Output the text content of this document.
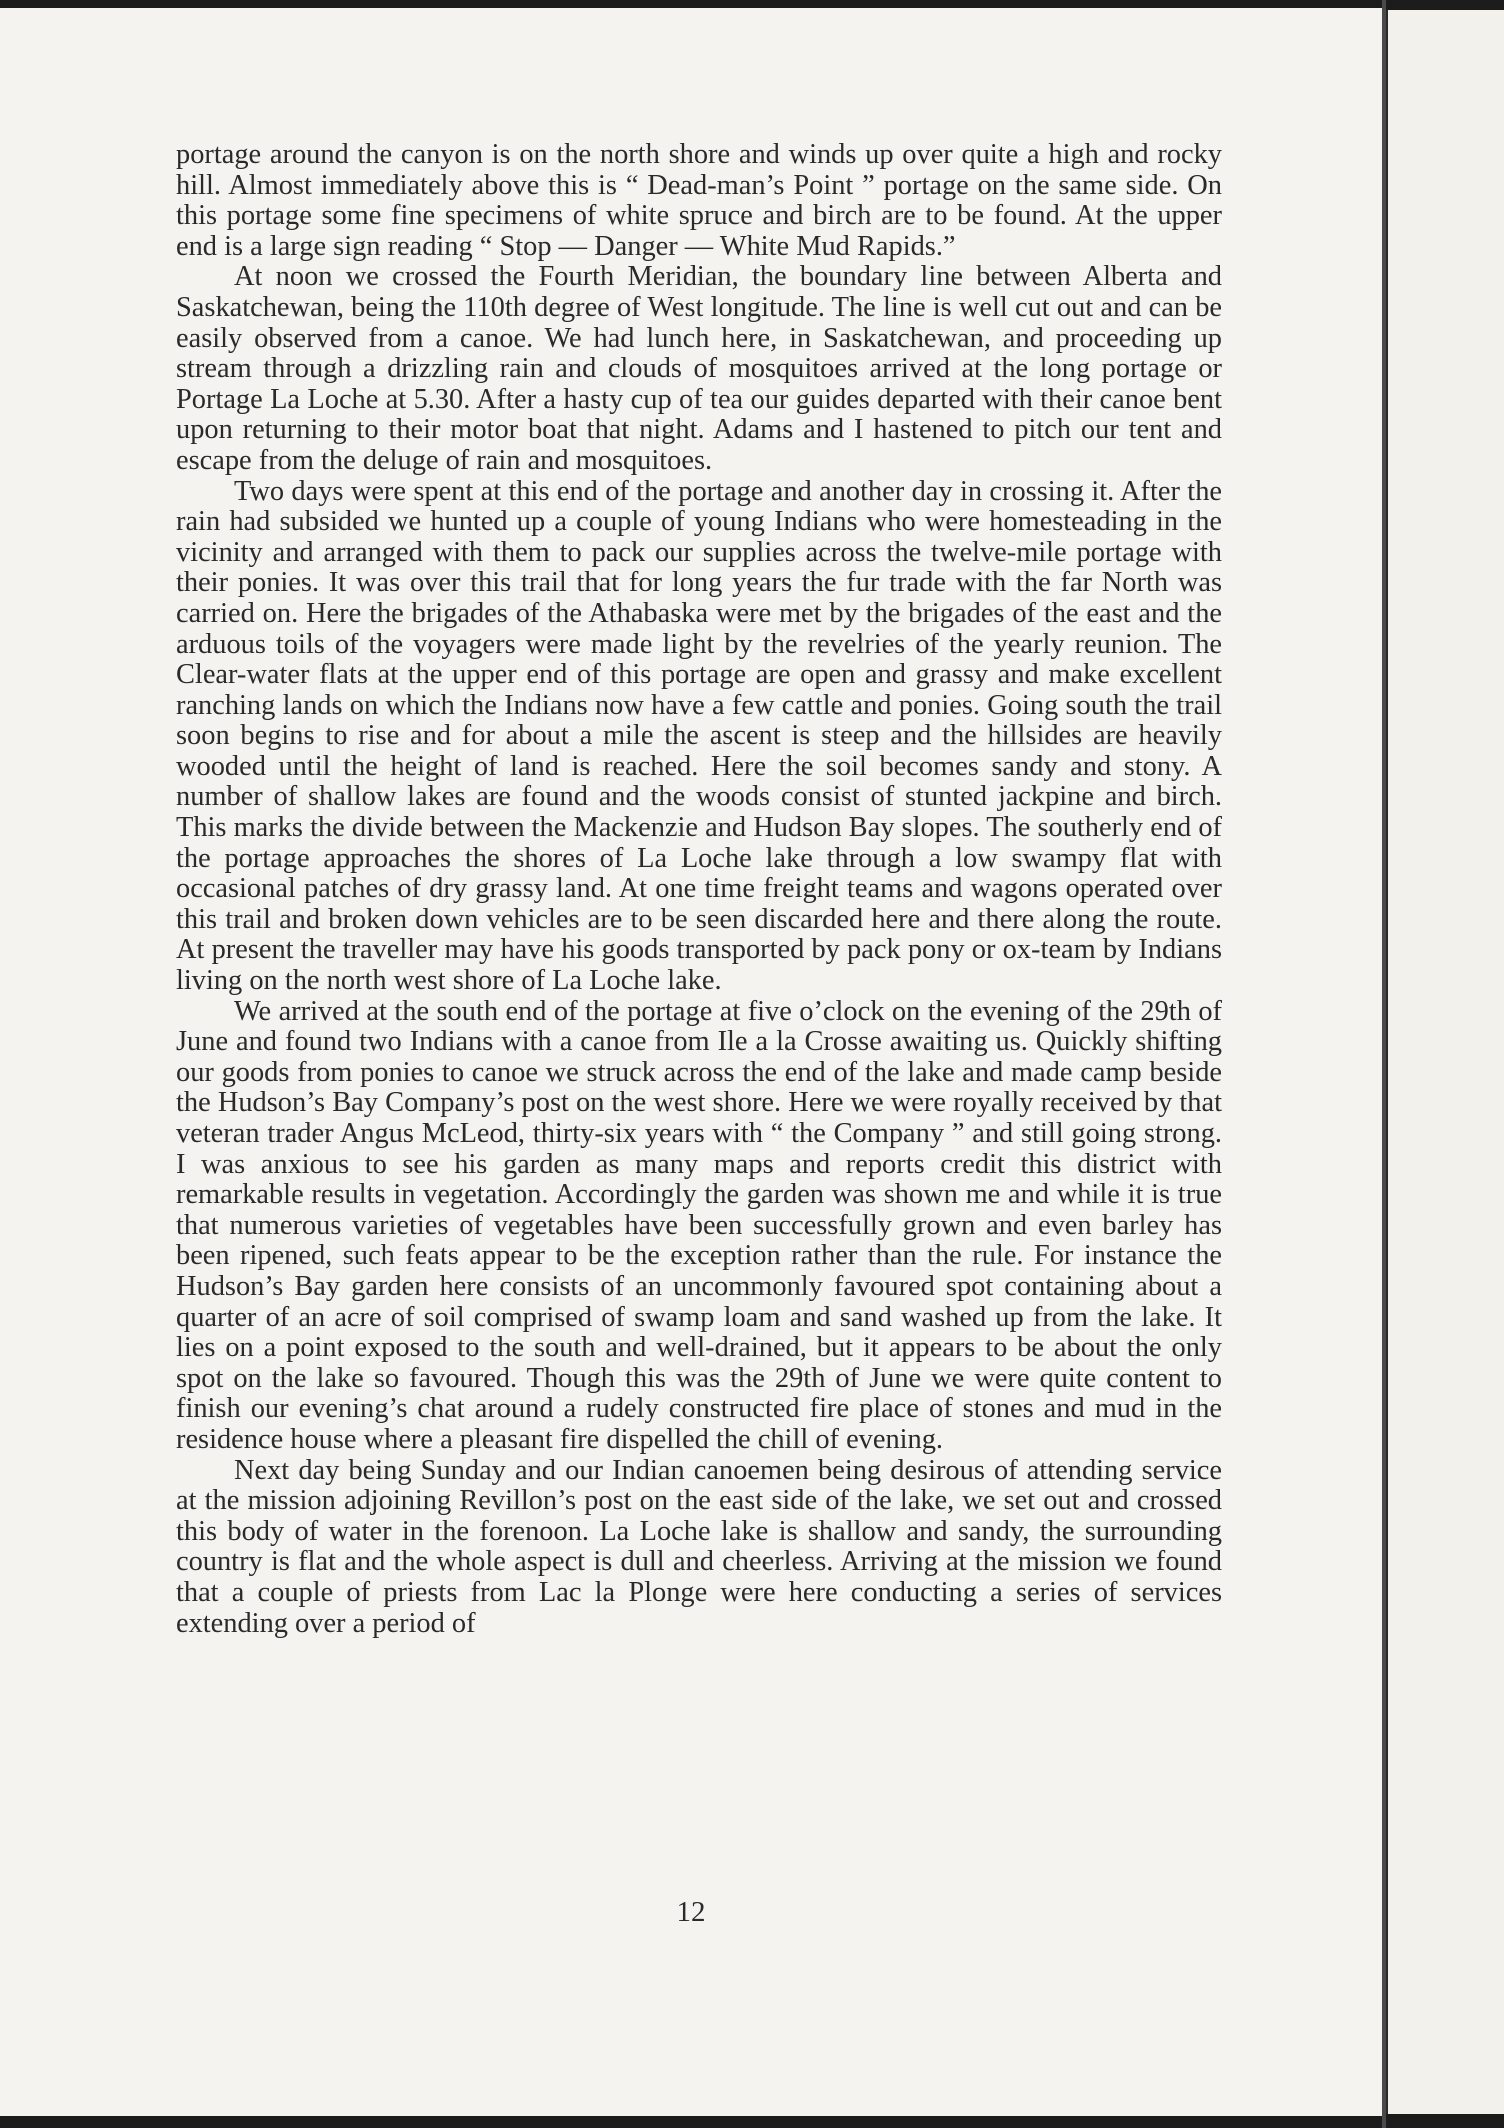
portage around the canyon is on the north shore and winds up over quite a high and rocky hill. Almost immediately above this is “ Dead-man’s Point ” portage on the same side. On this portage some fine specimens of white spruce and birch are to be found. At the upper end is a large sign reading “ Stop — Danger — White Mud Rapids.”

At noon we crossed the Fourth Meridian, the boundary line between Alberta and Saskatchewan, being the 110th degree of West longitude. The line is well cut out and can be easily observed from a canoe. We had lunch here, in Saskatchewan, and proceeding up stream through a drizzling rain and clouds of mosquitoes arrived at the long portage or Portage La Loche at 5.30. After a hasty cup of tea our guides departed with their canoe bent upon returning to their motor boat that night. Adams and I hastened to pitch our tent and escape from the deluge of rain and mosquitoes.

Two days were spent at this end of the portage and another day in crossing it. After the rain had subsided we hunted up a couple of young Indians who were homesteading in the vicinity and arranged with them to pack our supplies across the twelve-mile portage with their ponies. It was over this trail that for long years the fur trade with the far North was carried on. Here the brigades of the Athabaska were met by the brigades of the east and the arduous toils of the voyagers were made light by the revelries of the yearly reunion. The Clear-water flats at the upper end of this portage are open and grassy and make excellent ranching lands on which the Indians now have a few cattle and ponies. Going south the trail soon begins to rise and for about a mile the ascent is steep and the hillsides are heavily wooded until the height of land is reached. Here the soil becomes sandy and stony. A number of shallow lakes are found and the woods consist of stunted jackpine and birch. This marks the divide between the Mackenzie and Hudson Bay slopes. The southerly end of the portage approaches the shores of La Loche lake through a low swampy flat with occasional patches of dry grassy land. At one time freight teams and wagons operated over this trail and broken down vehicles are to be seen discarded here and there along the route. At present the traveller may have his goods transported by pack pony or ox-team by Indians living on the north west shore of La Loche lake.

We arrived at the south end of the portage at five o’clock on the evening of the 29th of June and found two Indians with a canoe from Ile a la Crosse awaiting us. Quickly shifting our goods from ponies to canoe we struck across the end of the lake and made camp beside the Hudson’s Bay Company’s post on the west shore. Here we were royally received by that veteran trader Angus McLeod, thirty-six years with “ the Company ” and still going strong. I was anxious to see his garden as many maps and reports credit this district with remarkable results in vegetation. Accordingly the garden was shown me and while it is true that numerous varieties of vegetables have been successfully grown and even barley has been ripened, such feats appear to be the exception rather than the rule. For instance the Hudson’s Bay garden here consists of an uncommonly favoured spot containing about a quarter of an acre of soil comprised of swamp loam and sand washed up from the lake. It lies on a point exposed to the south and well-drained, but it appears to be about the only spot on the lake so favoured. Though this was the 29th of June we were quite content to finish our evening’s chat around a rudely constructed fire place of stones and mud in the residence house where a pleasant fire dispelled the chill of evening.

Next day being Sunday and our Indian canoemen being desirous of attending service at the mission adjoining Revillon’s post on the east side of the lake, we set out and crossed this body of water in the forenoon. La Loche lake is shallow and sandy, the surrounding country is flat and the whole aspect is dull and cheerless. Arriving at the mission we found that a couple of priests from Lac la Plonge were here conducting a series of services extending over a period of

12
